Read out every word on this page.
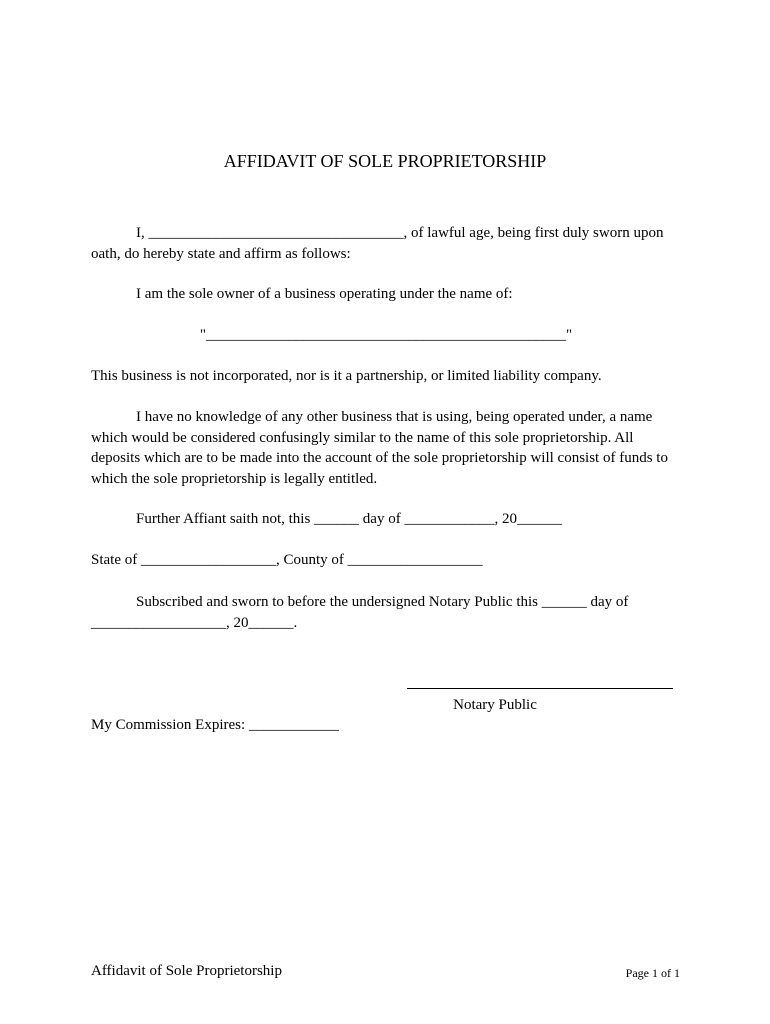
AFFIDAVIT OF SOLE PROPRIETORSHIP

I, __________________________________, of lawful age, being first duly sworn upon oath, do hereby state and affirm as follows:

I am the sole owner of a business operating under the name of:

"________________________________________________"

This business is not incorporated, nor is it a partnership, or limited liability company.

I have no knowledge of any other business that is using, being operated under, a name which would be considered confusingly similar to the name of this sole proprietorship. All deposits which are to be made into the account of the sole proprietorship will consist of funds to which the sole proprietorship is legally entitled.

Further Affiant saith not, this ______ day of ____________, 20______

State of __________________, County of __________________

Subscribed and sworn to before the undersigned Notary Public this ______ day of __________________, 20______.

Notary Public

My Commission Expires: ____________

Affidavit of Sole Proprietorship	Page 1 of 1
